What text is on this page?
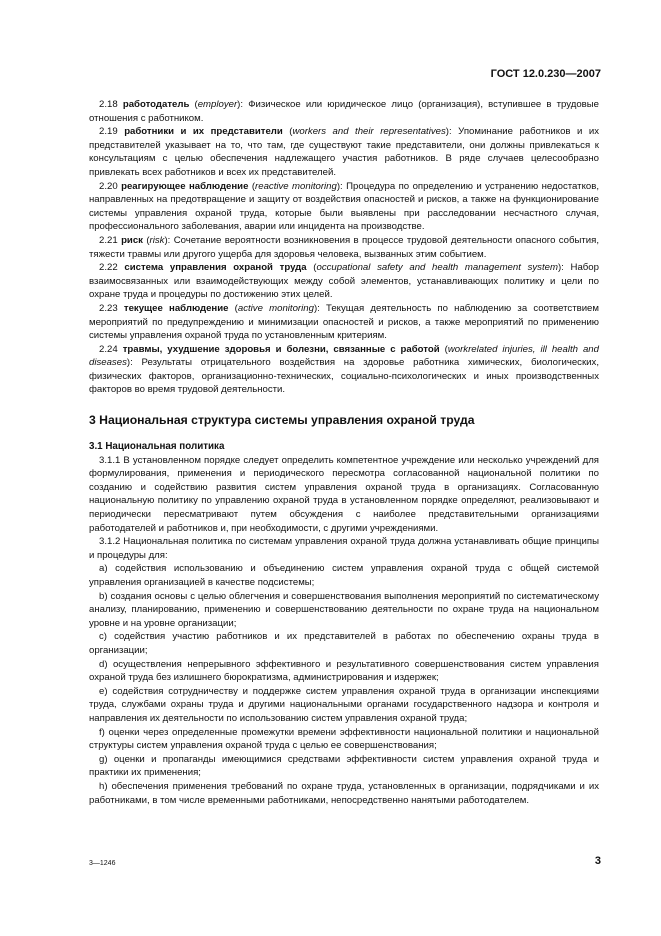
ГОСТ 12.0.230—2007

2.18 работодатель (employer): Физическое или юридическое лицо (организация), вступившее в трудовые отношения с работником.

2.19 работники и их представители (workers and their representatives): Упоминание работников и их представителей указывает на то, что там, где существуют такие представители, они должны привлекаться к консультациям с целью обеспечения надлежащего участия работников. В ряде случаев целесообразно привлекать всех работников и всех их представителей.

2.20 реагирующее наблюдение (reactive monitoring): Процедура по определению и устранению недостатков, направленных на предотвращение и защиту от воздействия опасностей и рисков, а также на функционирование системы управления охраной труда, которые были выявлены при расследовании несчастного случая, профессионального заболевания, аварии или инцидента на производстве.

2.21 риск (risk): Сочетание вероятности возникновения в процессе трудовой деятельности опасного события, тяжести травмы или другого ущерба для здоровья человека, вызванных этим событием.

2.22 система управления охраной труда (occupational safety and health management system): Набор взаимосвязанных или взаимодействующих между собой элементов, устанавливающих политику и цели по охране труда и процедуры по достижению этих целей.

2.23 текущее наблюдение (active monitoring): Текущая деятельность по наблюдению за соответствием мероприятий по предупреждению и минимизации опасностей и рисков, а также мероприятий по применению системы управления охраной труда по установленным критериям.

2.24 травмы, ухудшение здоровья и болезни, связанные с работой (workrelated injuries, ill health and diseases): Результаты отрицательного воздействия на здоровье работника химических, биологических, физических факторов, организационно-технических, социально-психологических и иных производственных факторов во время трудовой деятельности.

3 Национальная структура системы управления охраной труда
3.1 Национальная политика

3.1.1 В установленном порядке следует определить компетентное учреждение или несколько учреждений для формулирования, применения и периодического пересмотра согласованной национальной политики по созданию и содействию развития систем управления охраной труда в организациях. Согласованную национальную политику по управлению охраной труда в установленном порядке определяют, реализовывают и периодически пересматривают путем обсуждения с наиболее представительными организациями работодателей и работников и, при необходимости, с другими учреждениями.

3.1.2 Национальная политика по системам управления охраной труда должна устанавливать общие принципы и процедуры для:

a) содействия использованию и объединению систем управления охраной труда с общей системой управления организацией в качестве подсистемы;

b) создания основы с целью облегчения и совершенствования выполнения мероприятий по систематическому анализу, планированию, применению и совершенствованию деятельности по охране труда на национальном уровне и на уровне организации;

c) содействия участию работников и их представителей в работах по обеспечению охраны труда в организации;

d) осуществления непрерывного эффективного и результативного совершенствования систем управления охраной труда без излишнего бюрократизма, администрирования и издержек;

e) содействия сотрудничеству и поддержке систем управления охраной труда в организации инспекциями труда, службами охраны труда и другими национальными органами государственного надзора и контроля и направления их деятельности по использованию систем управления охраной труда;

f) оценки через определенные промежутки времени эффективности национальной политики и национальной структуры систем управления охраной труда с целью ее совершенствования;

g) оценки и пропаганды имеющимися средствами эффективности систем управления охраной труда и практики их применения;

h) обеспечения применения требований по охране труда, установленных в организации, подрядчиками и их работниками, в том числе временными работниками, непосредственно нанятыми работодателем.

3—1246	3
